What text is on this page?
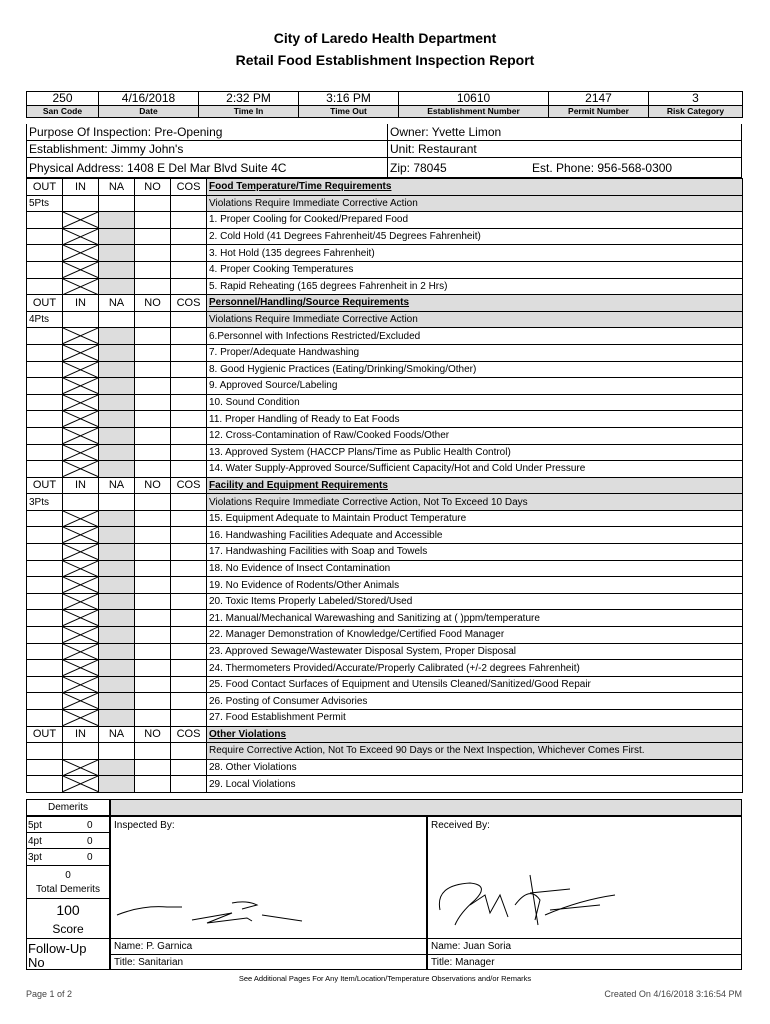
City of Laredo Health Department
Retail Food Establishment Inspection Report
250	4/16/2018	2:32 PM	3:16 PM	10610	2147	3
San Code	Date	Time In	Time Out	Establishment Number	Permit Number	Risk Category
Purpose Of Inspection: Pre-Opening	Owner: Yvette Limon
Establishment: Jimmy John's	Unit: Restaurant
Physical Address: 1408 E Del Mar Blvd Suite 4C	Zip: 78045	Est. Phone: 956-568-0300
OUT	IN	NA	NO	COS	Food Temperature/Time Requirements
5Pts					Violations Require Immediate Corrective Action

				1. Proper Cooling for Cooked/Prepared Food

				2. Cold Hold (41 Degrees Fahrenheit/45 Degrees Fahrenheit)

				3. Hot Hold (135 degrees Fahrenheit)

				4. Proper Cooking Temperatures

				5. Rapid Reheating (165 degrees Fahrenheit in 2 Hrs)
OUT	IN	NA	NO	COS	Personnel/Handling/Source Requirements
4Pts					Violations Require Immediate Corrective Action

				6.Personnel with Infections Restricted/Excluded

				7. Proper/Adequate Handwashing

				8. Good Hygienic Practices (Eating/Drinking/Smoking/Other)

				9. Approved Source/Labeling

				10. Sound Condition

				11. Proper Handling of Ready to Eat Foods

				12. Cross-Contamination of Raw/Cooked Foods/Other

				13. Approved System (HACCP Plans/Time as Public Health Control)

				14. Water Supply-Approved Source/Sufficient Capacity/Hot and Cold Under Pressure
OUT	IN	NA	NO	COS	Facility and Equipment Requirements
3Pts					Violations Require Immediate Corrective Action, Not To Exceed 10 Days

				15. Equipment Adequate to Maintain Product Temperature

				16. Handwashing Facilities Adequate and Accessible

				17. Handwashing Facilities with Soap and Towels

				18. No Evidence of Insect Contamination

				19. No Evidence of Rodents/Other Animals

				20. Toxic Items Properly Labeled/Stored/Used

				21. Manual/Mechanical Warewashing and Sanitizing at ( )ppm/temperature

				22. Manager Demonstration of Knowledge/Certified Food Manager

				23. Approved Sewage/Wastewater Disposal System, Proper Disposal

				24. Thermometers Provided/Accurate/Properly Calibrated (+/-2 degrees Fahrenheit)

				25. Food Contact Surfaces of Equipment and Utensils Cleaned/Sanitized/Good Repair

				26. Posting of Consumer Advisories

				27. Food Establishment Permit
OUT	IN	NA	NO	COS	Other Violations
					Require Corrective Action, Not To Exceed 90 Days or the Next Inspection, Whichever Comes First.

				28. Other Violations

				29. Local Violations
Demerits
5pt	0
4pt	0
3pt	0
0
Total Demerits
100
Score
Follow-Up
No
Inspected By:	Received By:
Name: P. Garnica
Title: Sanitarian
Name: Juan Soria
Title: Manager
See Additional Pages For Any Item/Location/Temperature Observations and/or Remarks
Page 1 of 2	Created On 4/16/2018 3:16:54 PM
